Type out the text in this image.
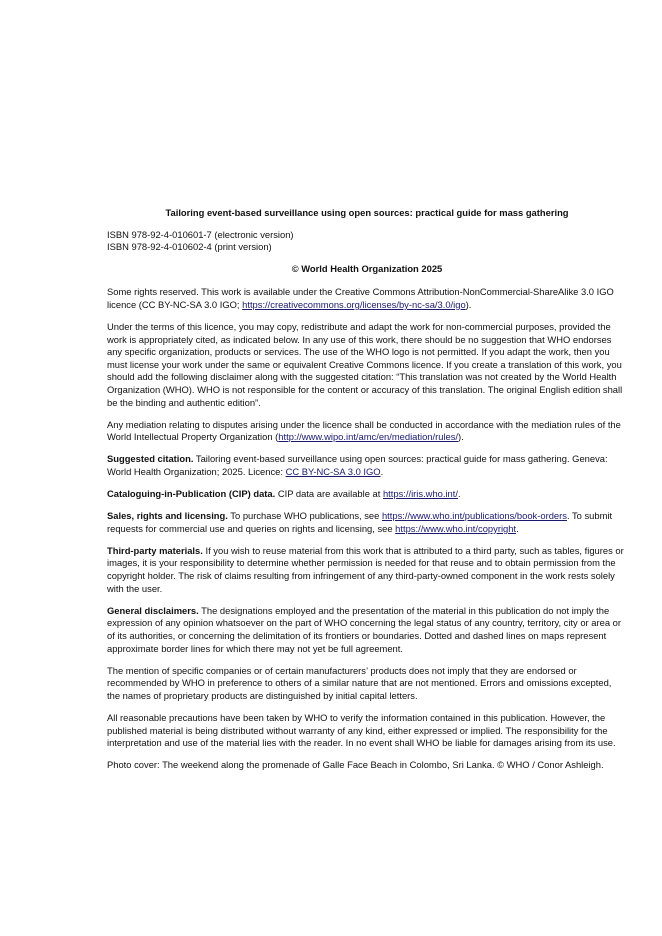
Tailoring event-based surveillance using open sources: practical guide for mass gathering
ISBN 978-92-4-010601-7 (electronic version)
ISBN 978-92-4-010602-4 (print version)
© World Health Organization 2025

Some rights reserved. This work is available under the Creative Commons Attribution-NonCommercial-ShareAlike 3.0 IGO licence (CC BY-NC-SA 3.0 IGO; https://creativecommons.org/licenses/by-nc-sa/3.0/igo).

Under the terms of this licence, you may copy, redistribute and adapt the work for non-commercial purposes, provided the work is appropriately cited, as indicated below. In any use of this work, there should be no suggestion that WHO endorses any specific organization, products or services. The use of the WHO logo is not permitted. If you adapt the work, then you must license your work under the same or equivalent Creative Commons licence. If you create a translation of this work, you should add the following disclaimer along with the suggested citation: “This translation was not created by the World Health Organization (WHO). WHO is not responsible for the content or accuracy of this translation. The original English edition shall be the binding and authentic edition”.

Any mediation relating to disputes arising under the licence shall be conducted in accordance with the mediation rules of the World Intellectual Property Organization (http://www.wipo.int/amc/en/mediation/rules/).

Suggested citation. Tailoring event-based surveillance using open sources: practical guide for mass gathering. Geneva: World Health Organization; 2025. Licence: CC BY-NC-SA 3.0 IGO.

Cataloguing-in-Publication (CIP) data. CIP data are available at https://iris.who.int/.

Sales, rights and licensing. To purchase WHO publications, see https://www.who.int/publications/book-orders. To submit requests for commercial use and queries on rights and licensing, see https://www.who.int/copyright.

Third-party materials. If you wish to reuse material from this work that is attributed to a third party, such as tables, figures or images, it is your responsibility to determine whether permission is needed for that reuse and to obtain permission from the copyright holder. The risk of claims resulting from infringement of any third-party-owned component in the work rests solely with the user.

General disclaimers. The designations employed and the presentation of the material in this publication do not imply the expression of any opinion whatsoever on the part of WHO concerning the legal status of any country, territory, city or area or of its authorities, or concerning the delimitation of its frontiers or boundaries. Dotted and dashed lines on maps represent approximate border lines for which there may not yet be full agreement.

The mention of specific companies or of certain manufacturers’ products does not imply that they are endorsed or recommended by WHO in preference to others of a similar nature that are not mentioned. Errors and omissions excepted, the names of proprietary products are distinguished by initial capital letters.

All reasonable precautions have been taken by WHO to verify the information contained in this publication. However, the published material is being distributed without warranty of any kind, either expressed or implied. The responsibility for the interpretation and use of the material lies with the reader. In no event shall WHO be liable for damages arising from its use.

Photo cover: The weekend along the promenade of Galle Face Beach in Colombo, Sri Lanka. © WHO / Conor Ashleigh.
